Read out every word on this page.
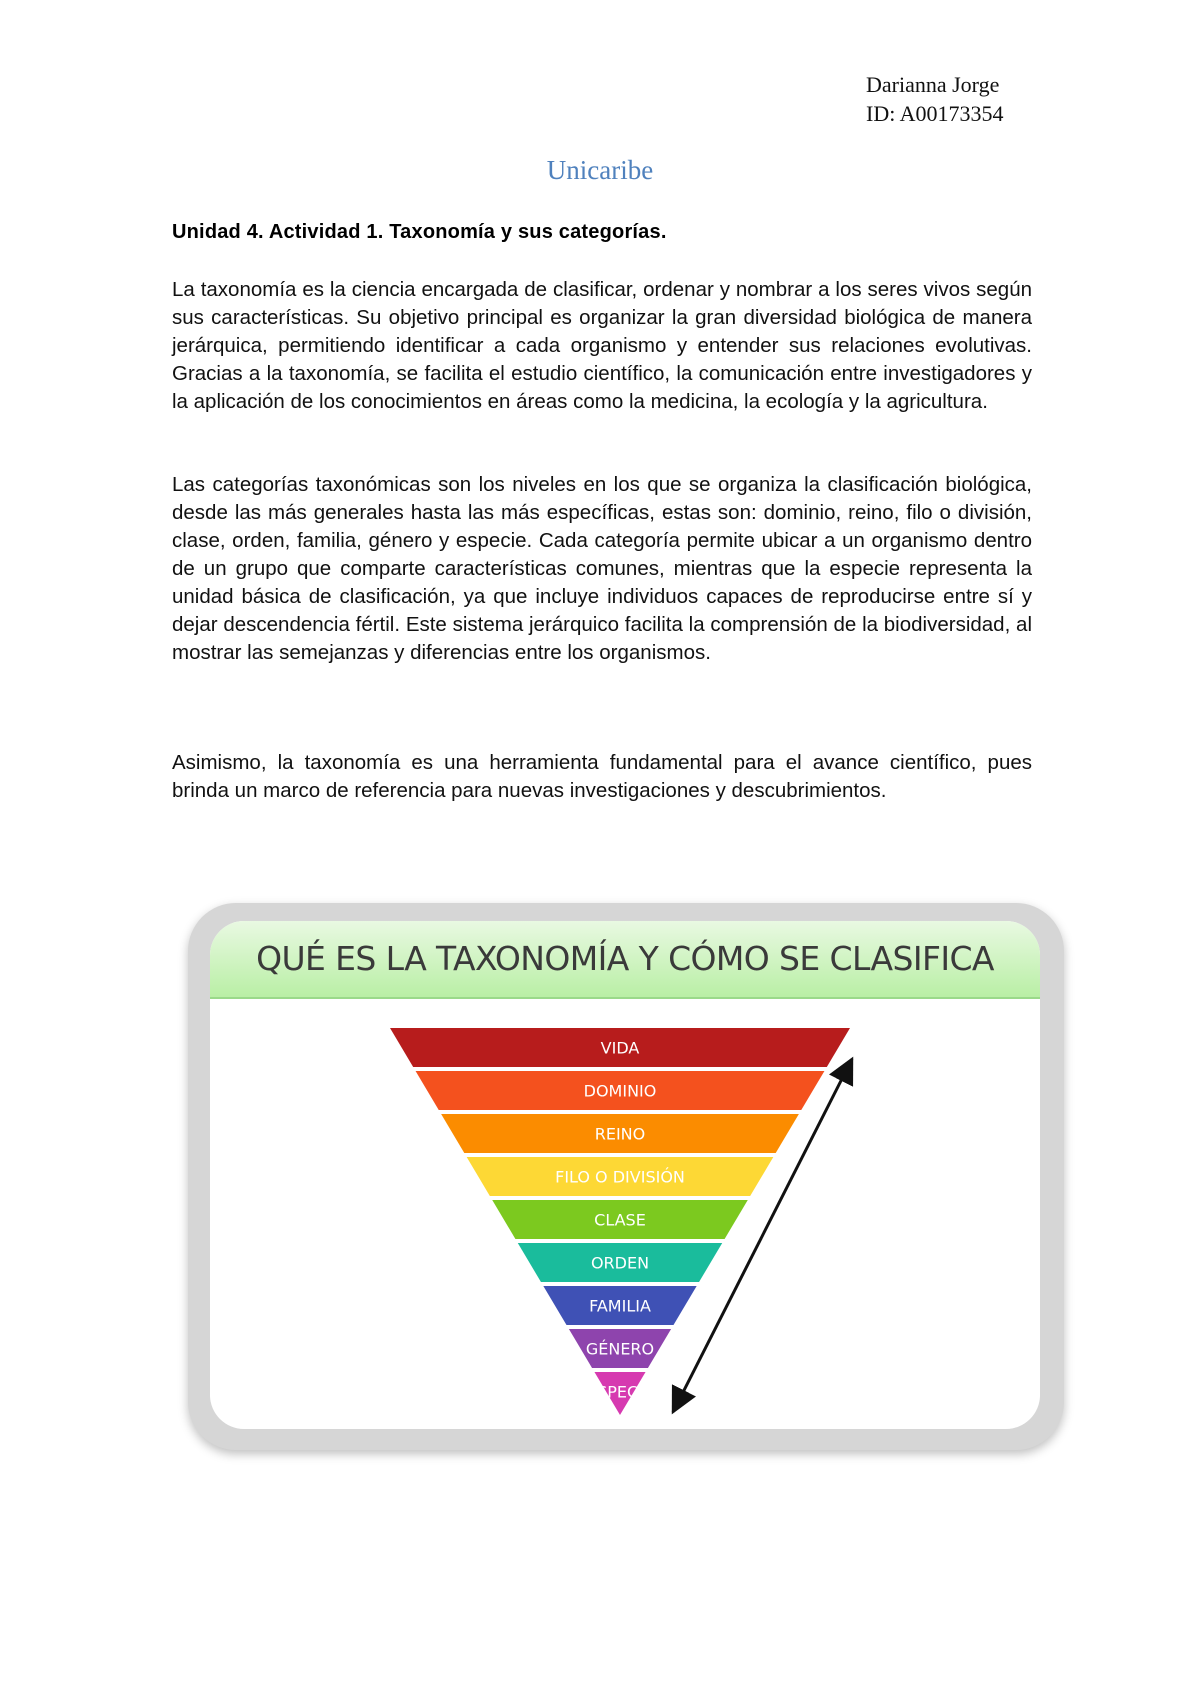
Darianna Jorge
ID: A00173354
Unicaribe
Unidad 4. Actividad 1. Taxonomía y sus categorías.
La taxonomía es la ciencia encargada de clasificar, ordenar y nombrar a los seres vivos según sus características. Su objetivo principal es organizar la gran diversidad biológica de manera jerárquica, permitiendo identificar a cada organismo y entender sus relaciones evolutivas. Gracias a la taxonomía, se facilita el estudio científico, la comunicación entre investigadores y la aplicación de los conocimientos en áreas como la medicina, la ecología y la agricultura.
Las categorías taxonómicas son los niveles en los que se organiza la clasificación biológica, desde las más generales hasta las más específicas, estas son: dominio, reino, filo o división, clase, orden, familia, género y especie. Cada categoría permite ubicar a un organismo dentro de un grupo que comparte características comunes, mientras que la especie representa la unidad básica de clasificación, ya que incluye individuos capaces de reproducirse entre sí y dejar descendencia fértil. Este sistema jerárquico facilita la comprensión de la biodiversidad, al mostrar las semejanzas y diferencias entre los organismos.
Asimismo, la taxonomía es una herramienta fundamental para el avance científico, pues brinda un marco de referencia para nuevas investigaciones y descubrimientos.
QUÉ ES LA TAXONOMÍA Y CÓMO SE CLASIFICA
VIDA
DOMINIO
REINO
FILO O DIVISIÓN
CLASE
ORDEN
FAMILIA
GÉNERO
ESPECIE
